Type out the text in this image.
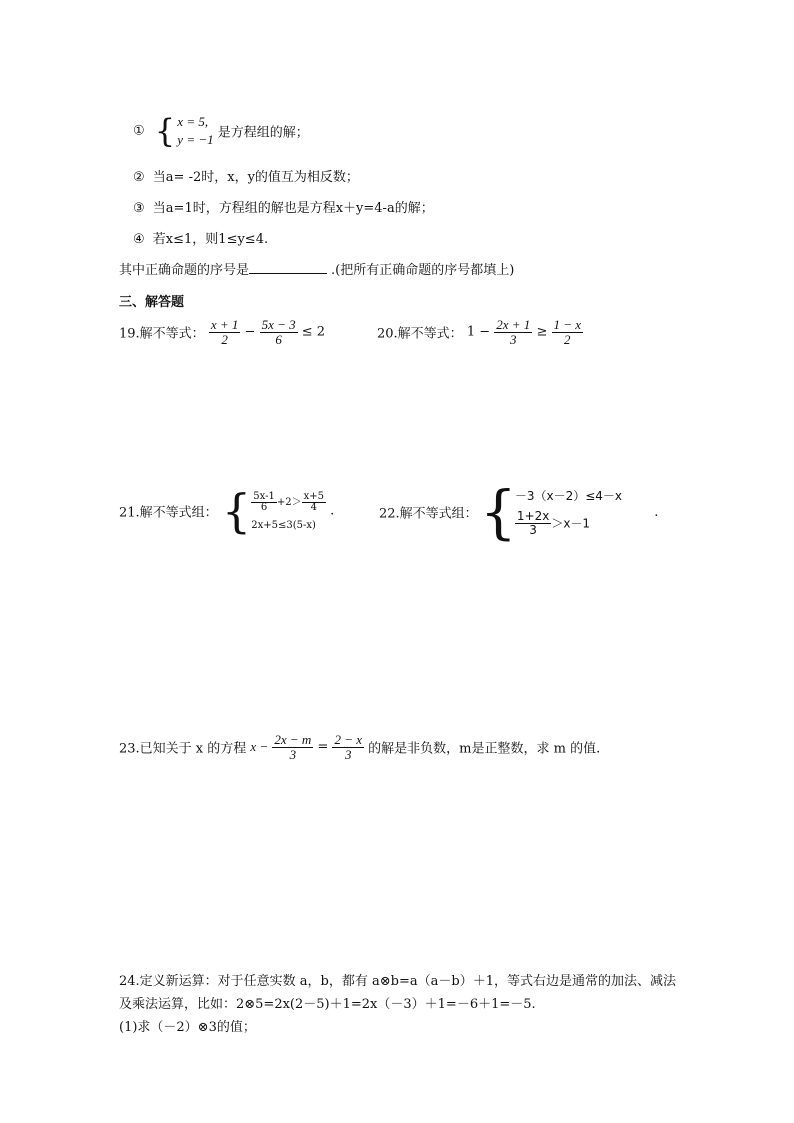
① { x = 5,
y = −1 是方程组的解；
② 当a= -2时，x，y的值互为相反数；
③ 当a=1时，方程组的解也是方程x＋y=4-a的解；
④ 若x≤1，则1≤y≤4.
其中正确命题的序号是	.(把所有正确命题的序号都填上)
三、解答题
19.解不等式： $\frac{x + 1}{2} - \frac{5x - 3}{6} \le 2$	20.解不等式： $1 - \frac{2x + 1}{3} \ge \frac{1 - x}{2}$
21.解不等式组： { $\frac{5x-1}{6} +2> \frac{x+5}{4}$
2x+5≤3(5-x)
.	22.解不等式组： {
－3（x－2）≤4－x
$\frac{1+2x}{3} >x-1$
.
23.已知关于 x 的方程 $x - \frac{2x - m}{3} = \frac{2 - x}{3}$ 的解是非负数，m是正整数，求 m 的值.
24.定义新运算：对于任意实数 a，b，都有 a⊗b=a（a－b）＋1，等式右边是通常的加法、减法
及乘法运算，比如：2⊗5=2x(2－5)＋1=2x（－3）＋1=－6＋1=－5.
(1)求（－2）⊗3的值；
